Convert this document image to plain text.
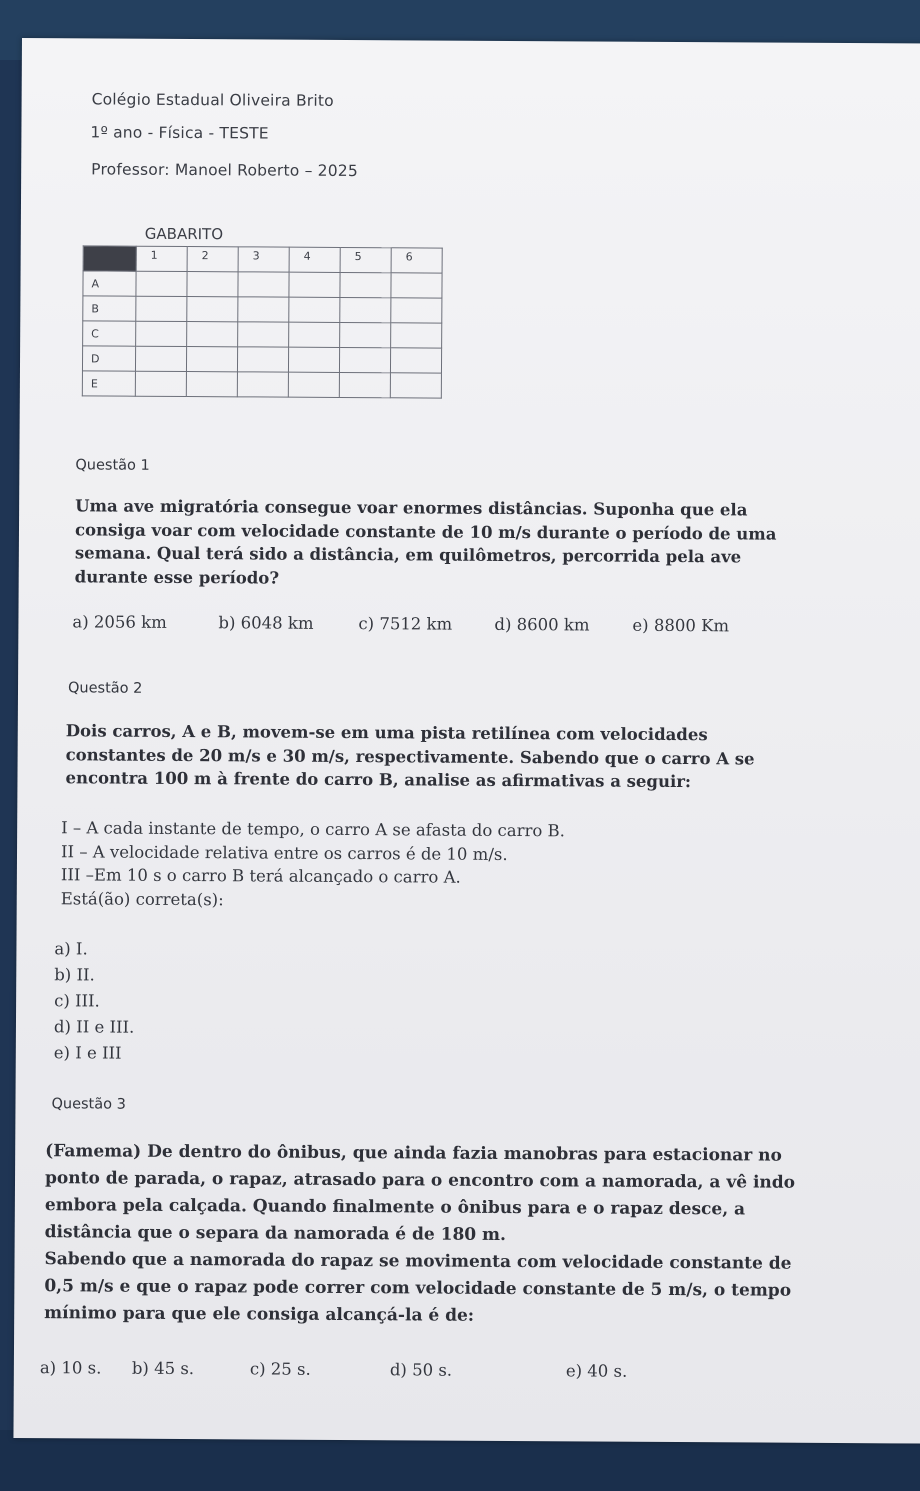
Colégio Estadual Oliveira Brito
1º ano - Física - TESTE
Professor: Manoel Roberto – 2025
GABARITO
	1	2	3	4	5	6
A						
B						
C						
D						
E						
Questão 1
Uma ave migratória consegue voar enormes distâncias. Suponha que ela
consiga voar com velocidade constante de 10 m/s durante o período de uma
semana. Qual terá sido a distância, em quilômetros, percorrida pela ave
durante esse período?
a) 2056 km	b) 6048 km	c) 7512 km	d) 8600 km	e) 8800 Km
Questão 2
Dois carros, A e B, movem-se em uma pista retilínea com velocidades
constantes de 20 m/s e 30 m/s, respectivamente. Sabendo que o carro A se
encontra 100 m à frente do carro B, analise as afirmativas a seguir:
I – A cada instante de tempo, o carro A se afasta do carro B.
II – A velocidade relativa entre os carros é de 10 m/s.
III –Em 10 s o carro B terá alcançado o carro A.
Está(ão) correta(s):
a) I.
b) II.
c) III.
d) II e III.
e) I e III
Questão 3
(Famema) De dentro do ônibus, que ainda fazia manobras para estacionar no
ponto de parada, o rapaz, atrasado para o encontro com a namorada, a vê indo
embora pela calçada. Quando finalmente o ônibus para e o rapaz desce, a
distância que o separa da namorada é de 180 m.
Sabendo que a namorada do rapaz se movimenta com velocidade constante de
0,5 m/s e que o rapaz pode correr com velocidade constante de 5 m/s, o tempo
mínimo para que ele consiga alcançá-la é de:
a) 10 s. b) 45 s.	c) 25 s.	d) 50 s.	e) 40 s.
